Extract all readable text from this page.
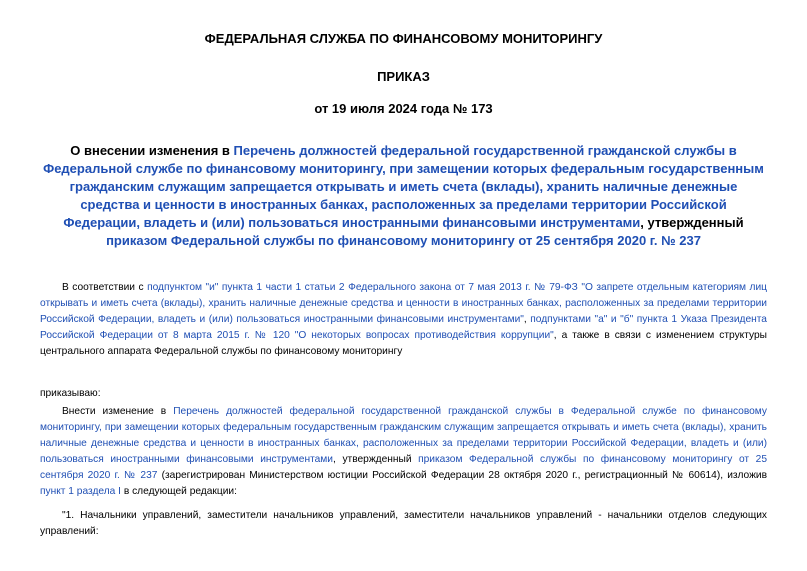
ФЕДЕРАЛЬНАЯ СЛУЖБА ПО ФИНАНСОВОМУ МОНИТОРИНГУ

ПРИКАЗ

от 19 июля 2024 года № 173

О внесении изменения в Перечень должностей федеральной государственной гражданской службы в Федеральной службе по финансовому мониторингу, при замещении которых федеральным государственным гражданским служащим запрещается открывать и иметь счета (вклады), хранить наличные денежные средства и ценности в иностранных банках, расположенных за пределами территории Российской Федерации, владеть и (или) пользоваться иностранными финансовыми инструментами, утвержденный приказом Федеральной службы по финансовому мониторингу от 25 сентября 2020 г. № 237

В соответствии с подпунктом "и" пункта 1 части 1 статьи 2 Федерального закона от 7 мая 2013 г. № 79-ФЗ "О запрете отдельным категориям лиц открывать и иметь счета (вклады), хранить наличные денежные средства и ценности в иностранных банках, расположенных за пределами территории Российской Федерации, владеть и (или) пользоваться иностранными финансовыми инструментами", подпунктами "а" и "б" пункта 1 Указа Президента Российской Федерации от 8 марта 2015 г. № 120 "О некоторых вопросах противодействия коррупции", а также в связи с изменением структуры центрального аппарата Федеральной службы по финансовому мониторингу

приказываю:

Внести изменение в Перечень должностей федеральной государственной гражданской службы в Федеральной службе по финансовому мониторингу, при замещении которых федеральным государственным гражданским служащим запрещается открывать и иметь счета (вклады), хранить наличные денежные средства и ценности в иностранных банках, расположенных за пределами территории Российской Федерации, владеть и (или) пользоваться иностранными финансовыми инструментами, утвержденный приказом Федеральной службы по финансовому мониторингу от 25 сентября 2020 г. № 237 (зарегистрирован Министерством юстиции Российской Федерации 28 октября 2020 г., регистрационный № 60614), изложив пункт 1 раздела I в следующей редакции:

"1. Начальники управлений, заместители начальников управлений, заместители начальников управлений - начальники отделов следующих управлений:
